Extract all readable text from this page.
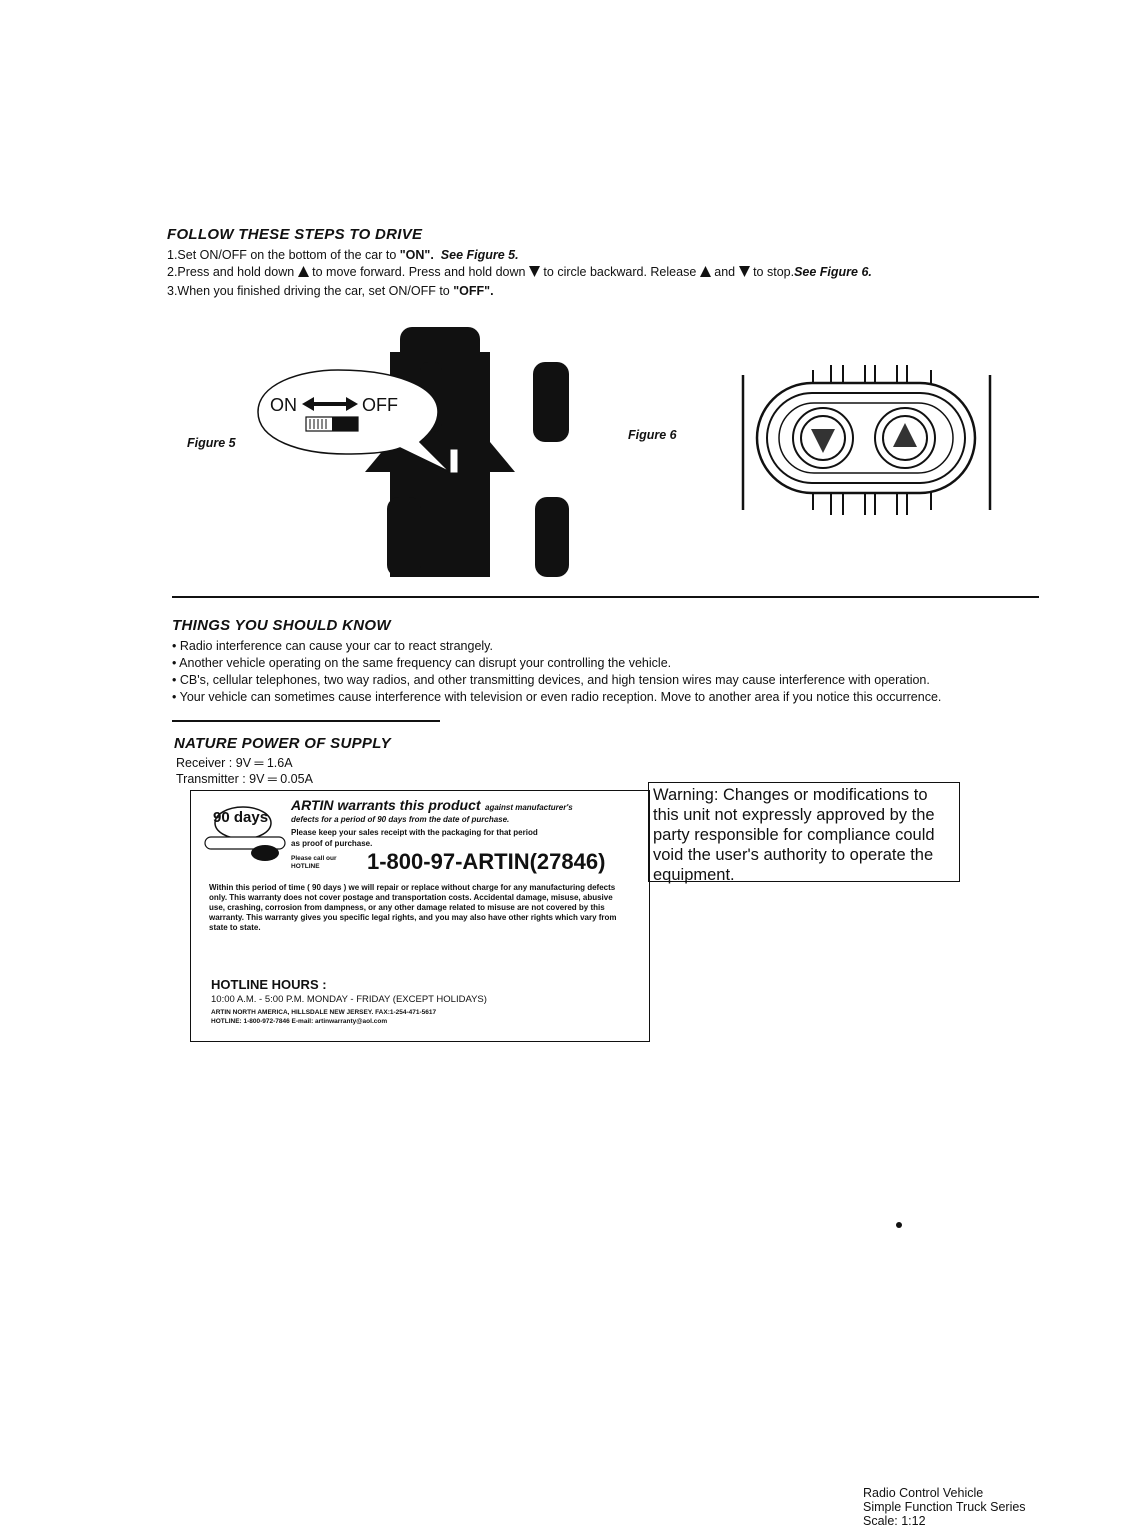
FOLLOW THESE STEPS TO DRIVE
1.Set ON/OFF on the bottom of the car to "ON". See Figure 5.
2.Press and hold down to move forward. Press and hold down to circle backward. Release and to stop.See Figure 6.
3.When you finished driving the car, set ON/OFF to "OFF".
Figure 5
ON	OFF
Figure 6
THINGS YOU SHOULD KNOW
• Radio interference can cause your car to react strangely.
• Another vehicle operating on the same frequency can disrupt your controlling the vehicle.
• CB's, cellular telephones, two way radios, and other transmitting devices, and high tension wires may cause interference with operation.
• Your vehicle can sometimes cause interference with television or even radio reception. Move to another area if you notice this occurrence.
NATURE POWER OF SUPPLY
Receiver : 9V ═ 1.6A
Transmitter : 9V ═ 0.05A
90 days
ARTIN warrants this product against manufacturer's
defects for a period of 90 days from the date of purchase.
Please keep your sales receipt with the packaging for that period
as proof of purchase.
Please call our HOTLINE	1-800-97-ARTIN(27846)
Within this period of time ( 90 days ) we will repair or replace without charge for any manufacturing defects only. This warranty does not cover postage and transportation costs. Accidental damage, misuse, abusive use, crashing, corrosion from dampness, or any other damage related to misuse are not covered by this warranty. This warranty gives you specific legal rights, and you may also have other rights which vary from state to state.
HOTLINE HOURS :
10:00 A.M. - 5:00 P.M. MONDAY - FRIDAY (EXCEPT HOLIDAYS)
ARTIN NORTH AMERICA, HILLSDALE NEW JERSEY. FAX:1-254-471-5617
HOTLINE: 1-800-972-7846 E-mail: artinwarranty@aol.com
Warning: Changes or modifications to this unit not expressly approved by the party responsible for compliance could void the user's authority to operate the equipment.
Radio Control Vehicle
Simple Function Truck Series
Scale: 1:12
